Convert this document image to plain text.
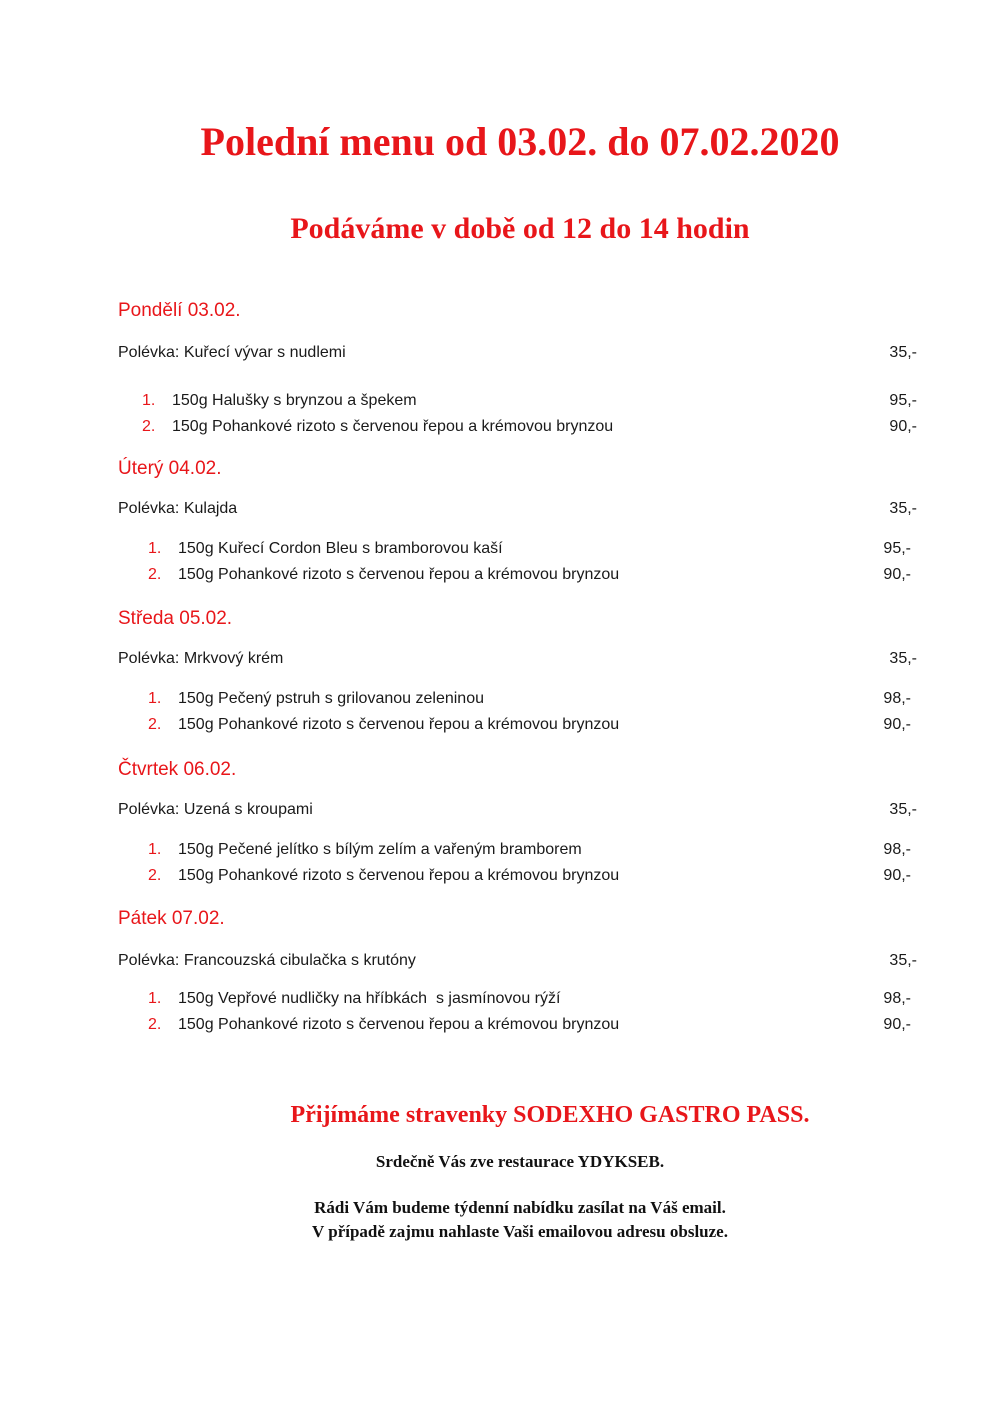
Polední menu od 03.02. do 07.02.2020
Podáváme v době od 12 do 14 hodin
Pondělí 03.02.
Polévka: Kuřecí vývar s nudlemi	35,-
1. 150g Halušky s brynzou a špekem	95,-
2. 150g Pohankové rizoto s červenou řepou a krémovou brynzou	90,-
Úterý 04.02.
Polévka: Kulajda	35,-
1. 150g Kuřecí Cordon Bleu s bramborovou kaší	95,-
2. 150g Pohankové rizoto s červenou řepou a krémovou brynzou	90,-
Středa 05.02.
Polévka: Mrkvový krém	35,-
1. 150g Pečený pstruh s grilovanou zeleninou	98,-
2. 150g Pohankové rizoto s červenou řepou a krémovou brynzou	90,-
Čtvrtek 06.02.
Polévka: Uzená s kroupami	35,-
1. 150g Pečené jelítko s bílým zelím a vařeným bramborem	98,-
2. 150g Pohankové rizoto s červenou řepou a krémovou brynzou	90,-
Pátek 07.02.
Polévka: Francouzská cibulačka s krutóny	35,-
1. 150g Vepřové nudličky na hříbkách  s jasmínovou rýží	98,-
2. 150g Pohankové rizoto s červenou řepou a krémovou brynzou	90,-
Přijímáme stravenky SODEXHO GASTRO PASS.
Srdečně Vás zve restaurace YDYKSEB.
Rádi Vám budeme týdenní nabídku zasílat na Váš email.
V případě zajmu nahlaste Vaši emailovou adresu obsluze.
